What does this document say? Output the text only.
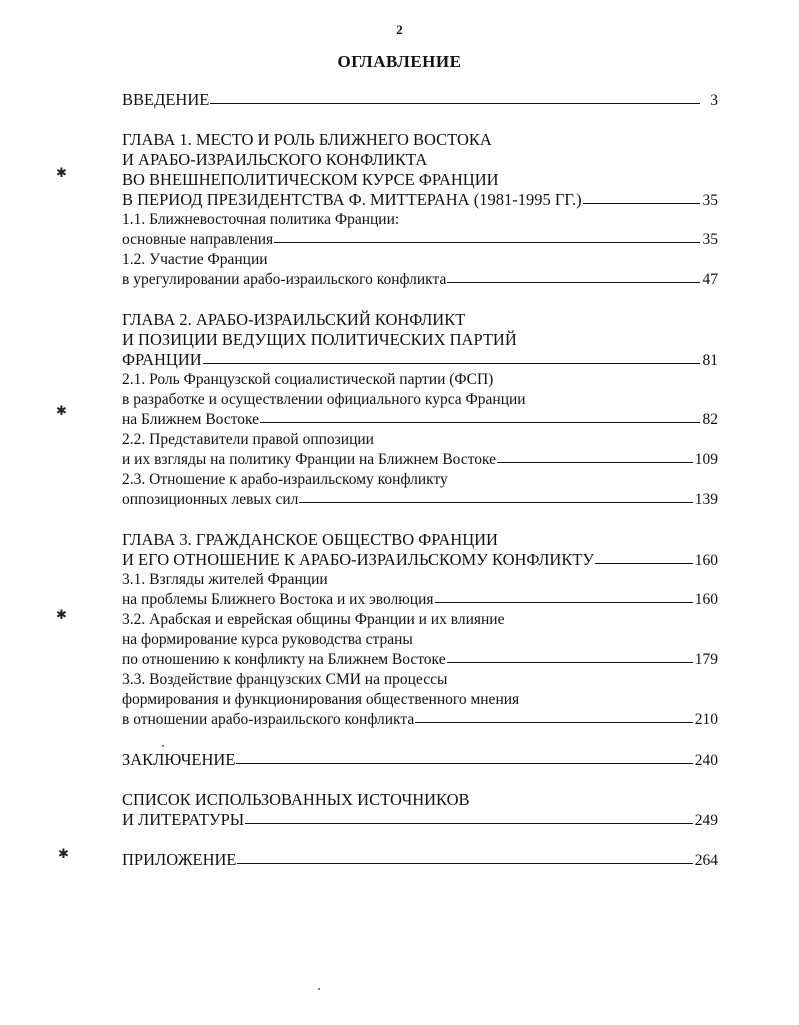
2
ОГЛАВЛЕНИЕ
ВВЕДЕНИЕ	3
ГЛАВА 1. МЕСТО И РОЛЬ БЛИЖНЕГО ВОСТОКА
И АРАБО-ИЗРАИЛЬСКОГО КОНФЛИКТА
ВО ВНЕШНЕПОЛИТИЧЕСКОМ КУРСЕ ФРАНЦИИ
В ПЕРИОД ПРЕЗИДЕНТСТВА Ф. МИТТЕРАНА (1981-1995 ГГ.)	35
1.1. Ближневосточная политика Франции:
основные направления	35
1.2. Участие Франции
в урегулировании арабо-израильского конфликта	47
ГЛАВА 2. АРАБО-ИЗРАИЛЬСКИЙ КОНФЛИКТ
И ПОЗИЦИИ ВЕДУЩИХ ПОЛИТИЧЕСКИХ ПАРТИЙ
ФРАНЦИИ	81
2.1. Роль Французской социалистической партии (ФСП)
в разработке и осуществлении официального курса Франции
на Ближнем Востоке	82
2.2. Представители правой оппозиции
и их взгляды на политику Франции на Ближнем Востоке	109
2.3. Отношение к арабо-израильскому конфликту
оппозиционных левых сил	139
ГЛАВА 3. ГРАЖДАНСКОЕ ОБЩЕСТВО ФРАНЦИИ
И ЕГО ОТНОШЕНИЕ К АРАБО-ИЗРАИЛЬСКОМУ КОНФЛИКТУ	160
3.1. Взгляды жителей Франции
на проблемы Ближнего Востока и их эволюция	160
3.2. Арабская и еврейская общины Франции и их влияние
на формирование курса руководства страны
по отношению к конфликту на Ближнем Востоке	179
3.3. Воздействие французских СМИ на процессы
формирования и функционирования общественного мнения
в отношении арабо-израильского конфликта	210
ЗАКЛЮЧЕНИЕ	240
СПИСОК ИСПОЛЬЗОВАННЫХ ИСТОЧНИКОВ
И ЛИТЕРАТУРЫ	249
ПРИЛОЖЕНИЕ	264
✱
✱
✱
✱
